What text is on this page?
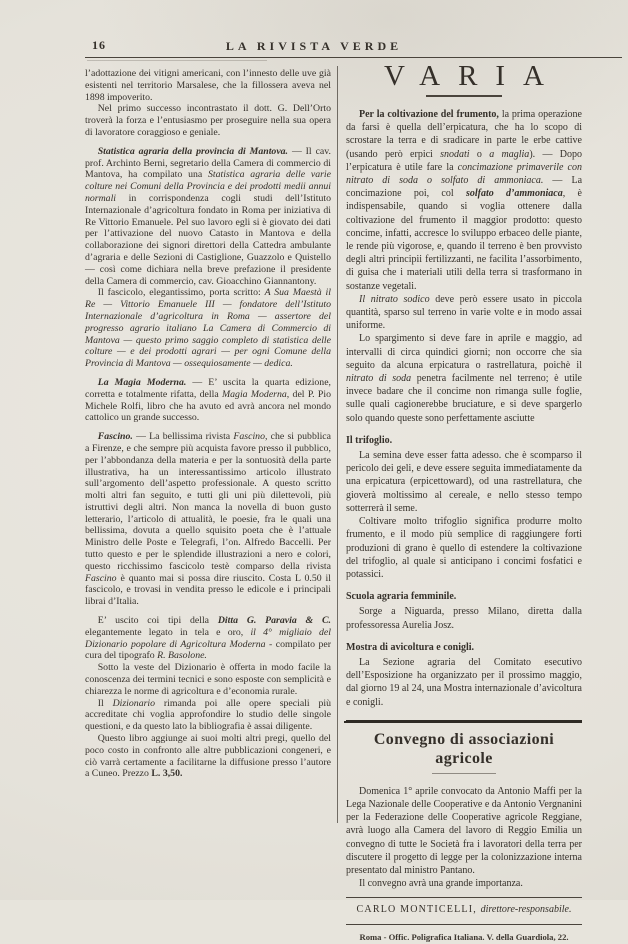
16	LA RIVISTA VERDE

l’adottazione dei vitigni americani, con l’innesto delle uve già esistenti nel territorio Marsalese, che la fillossera aveva nel 1898 impoverito.

Nel primo successo incontrastato il dott. G. Dell’Orto troverà la forza e l’entusiasmo per proseguire nella sua opera di lavoratore coraggioso e geniale.

Statistica agraria della provincia di Mantova. — Il cav. prof. Archinto Berni, segretario della Camera di commercio di Mantova, ha compilato una Statistica agraria delle varie colture nei Comuni della Provincia e dei prodotti medii annui normali in corrispondenza cogli studi dell’Istituto Internazionale d’agricoltura fondato in Roma per iniziativa di Re Vittorio Emanuele. Pel suo lavoro egli si è giovato dei dati per l’attivazione del nuovo Catasto in Mantova e della collaborazione dei signori direttori della Cattedra ambulante d’agraria e delle Sezioni di Castiglione, Guazzolo e Quistello — così come dichiara nella breve prefazione il presidente della Camera di commercio, cav. Gioacchino Giannantony.

Il fascicolo, elegantissimo, porta scritto: A Sua Maestà il Re — Vittorio Emanuele III — fondatore dell’Istituto Internazionale d’agricoltura in Roma — assertore del progresso agrario italiano La Camera di Commercio di Mantova — questo primo saggio completo di statistica delle colture — e dei prodotti agrari — per ogni Comune della Provincia di Mantova — ossequiosamente — dedica.

La Magia Moderna. — E’ uscita la quarta edizione, corretta e totalmente rifatta, della Magia Moderna, del P. Pio Michele Rolfi, libro che ha avuto ed avrà ancora nel mondo cattolico un grande successo.

Fascino. — La bellissima rivista Fascino, che si pubblica a Firenze, e che sempre più acquista favore presso il pubblico, per l’abbondanza della materia e per la sontuosità della parte illustrativa, ha un interessantissimo articolo illustrato sull’argomento dell’aspetto professionale. A questo scritto molti altri fan seguito, e tutti gli uni più dilettevoli, più istruttivi degli altri. Non manca la novella di buon gusto letterario, l’articolo di attualità, le poesie, fra le quali una bellissima, dovuta a quello squisito poeta che è l’attuale Ministro delle Poste e Telegrafi, l’on. Alfredo Baccelli. Per tutto questo e per le splendide illustrazioni a nero e colori, questo ricchissimo fascicolo testè comparso della rivista Fascino è quanto mai si possa dire riuscito. Costa L 0.50 il fascicolo, e trovasi in vendita presso le edicole e i principali librai d’Italia.

E’ uscito coi tipi della Ditta G. Paravia & C. elegantemente legato in tela e oro, il 4° migliaio del Dizionario popolare di Agricoltura Moderna - compilato per cura del tipografo R. Basolone.

Sotto la veste del Dizionario è offerta in modo facile la conoscenza dei termini tecnici e sono esposte con semplicità e chiarezza le norme di agricoltura e d’economia rurale.

Il Dizionario rimanda poi alle opere speciali più accreditate chi voglia approfondire lo studio delle singole questioni, e da questo lato la bibliografia è assai diligente.

Questo libro aggiunge ai suoi molti altri pregi, quello del poco costo in confronto alle altre pubblicazioni congeneri, e ciò varrà certamente a facilitarne la diffusione presso l’autore a Cuneo. Prezzo L. 3,50.

VARIA

Per la coltivazione del frumento, la prima operazione da farsi è quella dell’erpicatura, che ha lo scopo di scrostare la terra e di sradicare in parte le erbe cattive (usando però erpici snodati o a maglia). — Dopo l’erpicatura è utile fare la concimazione primaverile con nitrato di soda o solfato di ammoniaca. — La concimazione poi, col solfato d’ammoniaca, è indispensabile, quando si voglia ottenere dalla coltivazione del frumento il maggior prodotto: questo concime, infatti, accresce lo sviluppo erbaceo delle piante, le rende più vigorose, e, quando il terreno è ben provvisto degli altri principii fertilizzanti, ne facilita l’assorbimento, di guisa che i materiali utili della terra si trasformano in sostanze vegetali.

Il nitrato sodico deve però essere usato in piccola quantità, sparso sul terreno in varie volte e in modo assai uniforme.

Lo spargimento si deve fare in aprile e maggio, ad intervalli di circa quindici giorni; non occorre che sia seguito da alcuna erpicatura o rastrellatura, poichè il nitrato di soda penetra facilmente nel terreno; è utile invece badare che il concime non rimanga sulle foglie, sulle quali cagionerebbe bruciature, e si deve spargerlo solo quando queste sono perfettamente asciutte

Il trifoglio.

La semina deve esser fatta adesso. che è scomparso il pericolo dei geli, e deve essere seguita immediatamente da una erpicatura (erpicettoward), od una rastrellatura, che gioverà moltissimo al cereale, e nello stesso tempo sotterrerà il seme.

Coltivare molto trifoglio significa produrre molto frumento, e il modo più semplice di raggiungere forti produzioni di grano è quello di estendere la coltivazione del trifoglio, al quale si anticipano i concimi fosfatici e potassici.

Scuola agraria femminile.

Sorge a Niguarda, presso Milano, diretta dalla professoressa Aurelia Josz.

Mostra di avicoltura e conigli.

La Sezione agraria del Comitato esecutivo dell’Esposizione ha organizzato per il prossimo maggio, dal giorno 19 al 24, una Mostra internazionale d’avicoltura e conigli.

Convegno di associazioni agricole

Domenica 1° aprile convocato da Antonio Maffi per la Lega Nazionale delle Cooperative e da Antonio Vergnanini per la Federazione delle Cooperative agricole Reggiane, avrà luogo alla Camera del lavoro di Reggio Emilia un convegno di tutte le Società fra i lavoratori della terra per discutere il progetto di legge per la colonizzazione interna presentato dal ministro Pantano.

Il convegno avrà una grande importanza.

CARLO MONTICELLI, direttore-responsabile.

Roma - Offic. Poligrafica Italiana. V. della Guardiola, 22.
